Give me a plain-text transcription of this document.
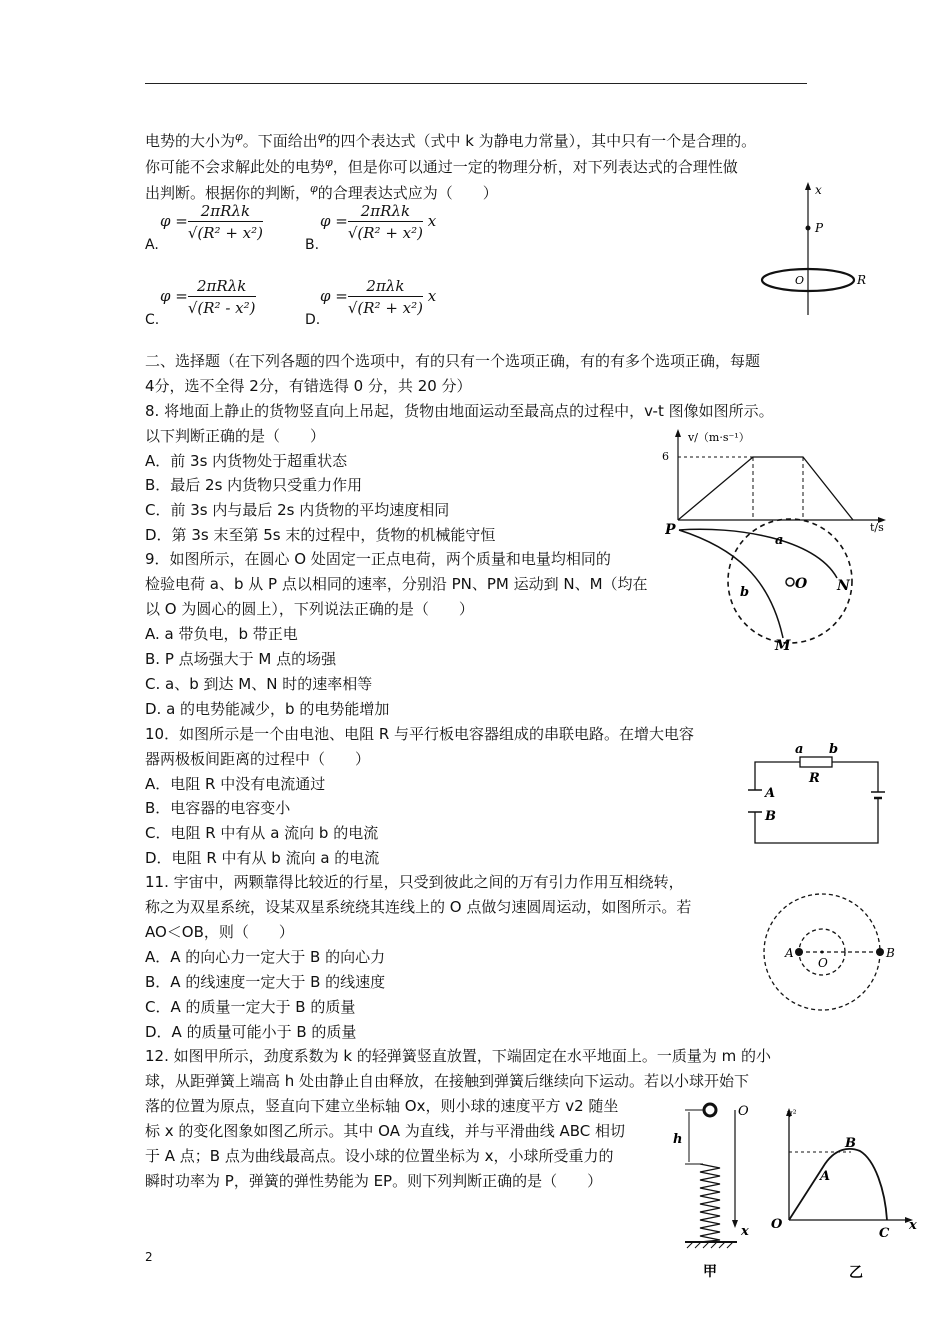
电势的大小为$^\varphi$。下面给出$^\varphi$的四个表达式（式中 k 为静电力常量），其中只有一个是合理的。
你可能不会求解此处的电势$^\varphi$，但是你可以通过一定的物理分析，对下列表达式的合理性做
出判断。根据你的判断，$^\varphi$的合理表达式应为（　　）
A.
$\varphi = \frac{\text{2πRλk}}{\text{√(R² + x²)}}$
B.
$\varphi = \frac{\text{2πRλk}}{\text{√(R² + x²)}}$ x
C.
$\varphi = \frac{\text{2πRλk}}{\text{√(R² - x²)}}$
D.
$\varphi = \frac{\text{2πλk}}{\text{√(R² + x²)}}$ x
x
P
O	R
二、选择题（在下列各题的四个选项中，有的只有一个选项正确，有的有多个选项正确，每题
4分，选不全得 2分，有错选得 0 分，共 20 分）
8. 将地面上静止的货物竖直向上吊起，货物由地面运动至最高点的过程中，v-t 图像如图所示。
以下判断正确的是（　　）
A．前 3s 内货物处于超重状态
B．最后 2s 内货物只受重力作用
C．前 3s 内与最后 2s 内货物的平均速度相同
D．第 3s 末至第 5s 末的过程中，货物的机械能守恒
v/（m·s⁻¹）
t/s
6
9．如图所示，在圆心 O 处固定一正点电荷，两个质量和电量均相同的
检验电荷 a、b 从 P 点以相同的速率，分别沿 PN、PM 运动到 N、M（均在
以 O 为圆心的圆上），下列说法正确的是（　　）
A. a 带负电，b 带正电
B. P 点场强大于 M 点的场强
C. a、b 到达 M、N 时的速率相等
D. a 的电势能减少，b 的电势能增加
P
a
b
O N
M
10．如图所示是一个由电池、电阻 R 与平行板电容器组成的串联电路。在增大电容
器两极板间距离的过程中（　　）
A．电阻 R 中没有电流通过
B．电容器的电容变小
C．电阻 R 中有从 a 流向 b 的电流
D．电阻 R 中有从 b 流向 a 的电流
a b
R
A
B
11. 宇宙中，两颗靠得比较近的行星，只受到彼此之间的万有引力作用互相绕转，
称之为双星系统，设某双星系统绕其连线上的 O 点做匀速圆周运动，如图所示。若
AO＜OB，则（　　）
A．A 的向心力一定大于 B 的向心力
B．A 的线速度一定大于 B 的线速度
C．A 的质量一定大于 B 的质量
D．A 的质量可能小于 B 的质量
A
O
B
12. 如图甲所示，劲度系数为 k 的轻弹簧竖直放置，下端固定在水平地面上。一质量为 m 的小
球，从距弹簧上端高 h 处由静止自由释放，在接触到弹簧后继续向下运动。若以小球开始下
落的位置为原点，竖直向下建立坐标轴 Ox，则小球的速度平方 v2 随坐
标 x 的变化图象如图乙所示。其中 OA 为直线，并与平滑曲线 ABC 相切
于 A 点；B 点为曲线最高点。设小球的位置坐标为 x，小球所受重力的
瞬时功率为 P，弹簧的弹性势能为 EP。则下列判断正确的是（　　）
h
O
x
甲
v²
B
A
O
C
x
乙
2
